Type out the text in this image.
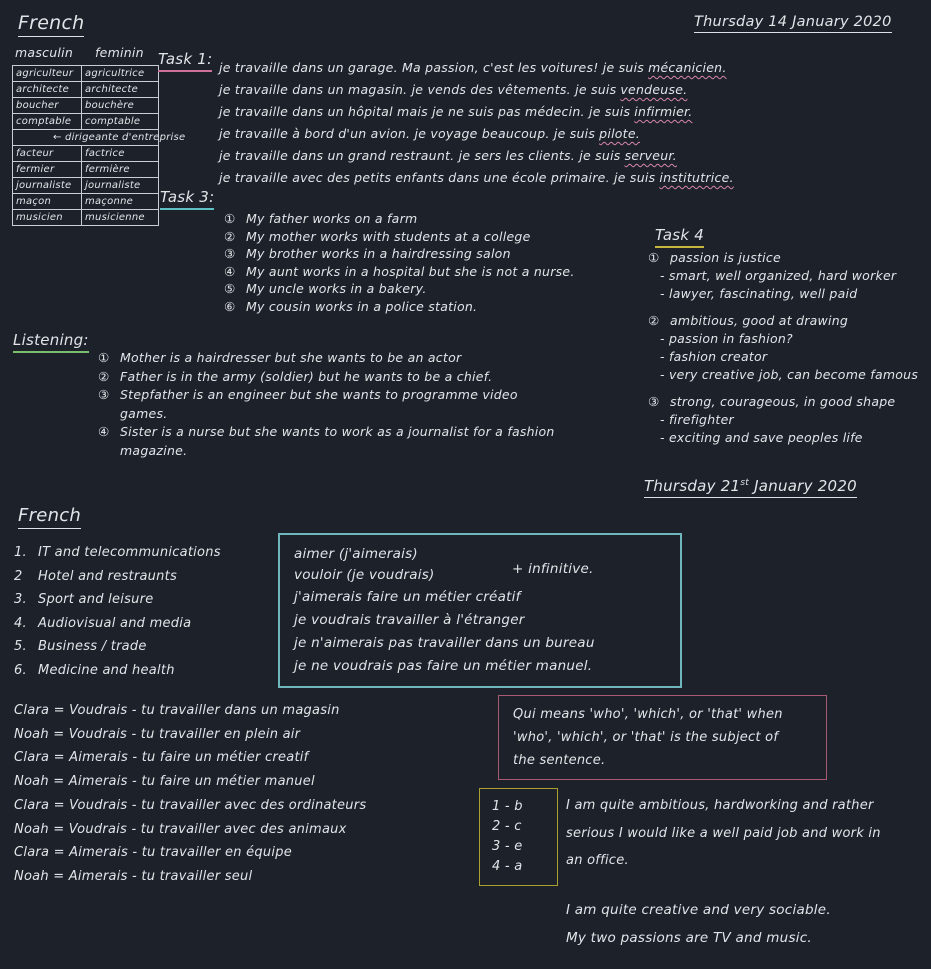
French	Thursday 14 January 2020
masculin feminin
agriculteur	agricultrice
architecte	architecte
boucher	bouchère
comptable	comptable
← dirigeante d'entreprise	
facteur	factrice
fermier	fermière
journaliste	journaliste
maçon	maçonne
musicien	musicienne
Task 1: je travaille dans un garage. Ma passion, c'est les voitures! je suis mécanicien.
je travaille dans un magasin. je vends des vêtements. je suis vendeuse.
je travaille dans un hôpital mais je ne suis pas médecin. je suis infirmier.
je travaille à bord d'un avion. je voyage beaucoup. je suis pilote.
je travaille dans un grand restraunt. je sers les clients. je suis serveur.
je travaille avec des petits enfants dans une école primaire. je suis institutrice.
Task 3:
① My father works on a farm
② My mother works with students at a college
③ My brother works in a hairdressing salon
④ My aunt works in a hospital but she is not a nurse.
⑤ My uncle works in a bakery.
⑥ My cousin works in a police station.
Task 4
① passion is justice
- smart, well organized, hard worker
- lawyer, fascinating, well paid
② ambitious, good at drawing
- passion in fashion?
- fashion creator
- very creative job, can become famous
③ strong, courageous, in good shape
- firefighter
- exciting and save peoples life
Listening:
① Mother is a hairdresser but she wants to be an actor
② Father is in the army (soldier) but he wants to be a chief.
③ Stepfather is an engineer but she wants to programme video games.
④ Sister is a nurse but she wants to work as a journalist for a fashion magazine.
Thursday 21st January 2020
French
1. IT and telecommunications
2	Hotel and restraunts
3. Sport and leisure
4. Audiovisual and media
5. Business / trade
6. Medicine and health
aimer (j'aimerais)
vouloir (je voudrais)	+ infinitive.
j'aimerais faire un métier créatif
je voudrais travailler à l'étranger
je n'aimerais pas travailler dans un bureau
je ne voudrais pas faire un métier manuel.
Clara = Voudrais - tu travailler dans un magasin
Noah = Voudrais - tu travailler en plein air
Clara = Aimerais - tu faire un métier creatif
Noah = Aimerais - tu faire un métier manuel
Clara = Voudrais - tu travailler avec des ordinateurs
Noah = Voudrais - tu travailler avec des animaux
Clara = Aimerais - tu travailler en équipe
Noah = Aimerais - tu travailler seul
Qui means 'who', 'which', or 'that' when 'who', 'which', or 'that' is the subject of the sentence.
1 - b
2 - c
3 - e
4 - a
I am quite ambitious, hardworking and rather serious I would like a well paid job and work in an office.
I am quite creative and very sociable.
My two passions are TV and music.
